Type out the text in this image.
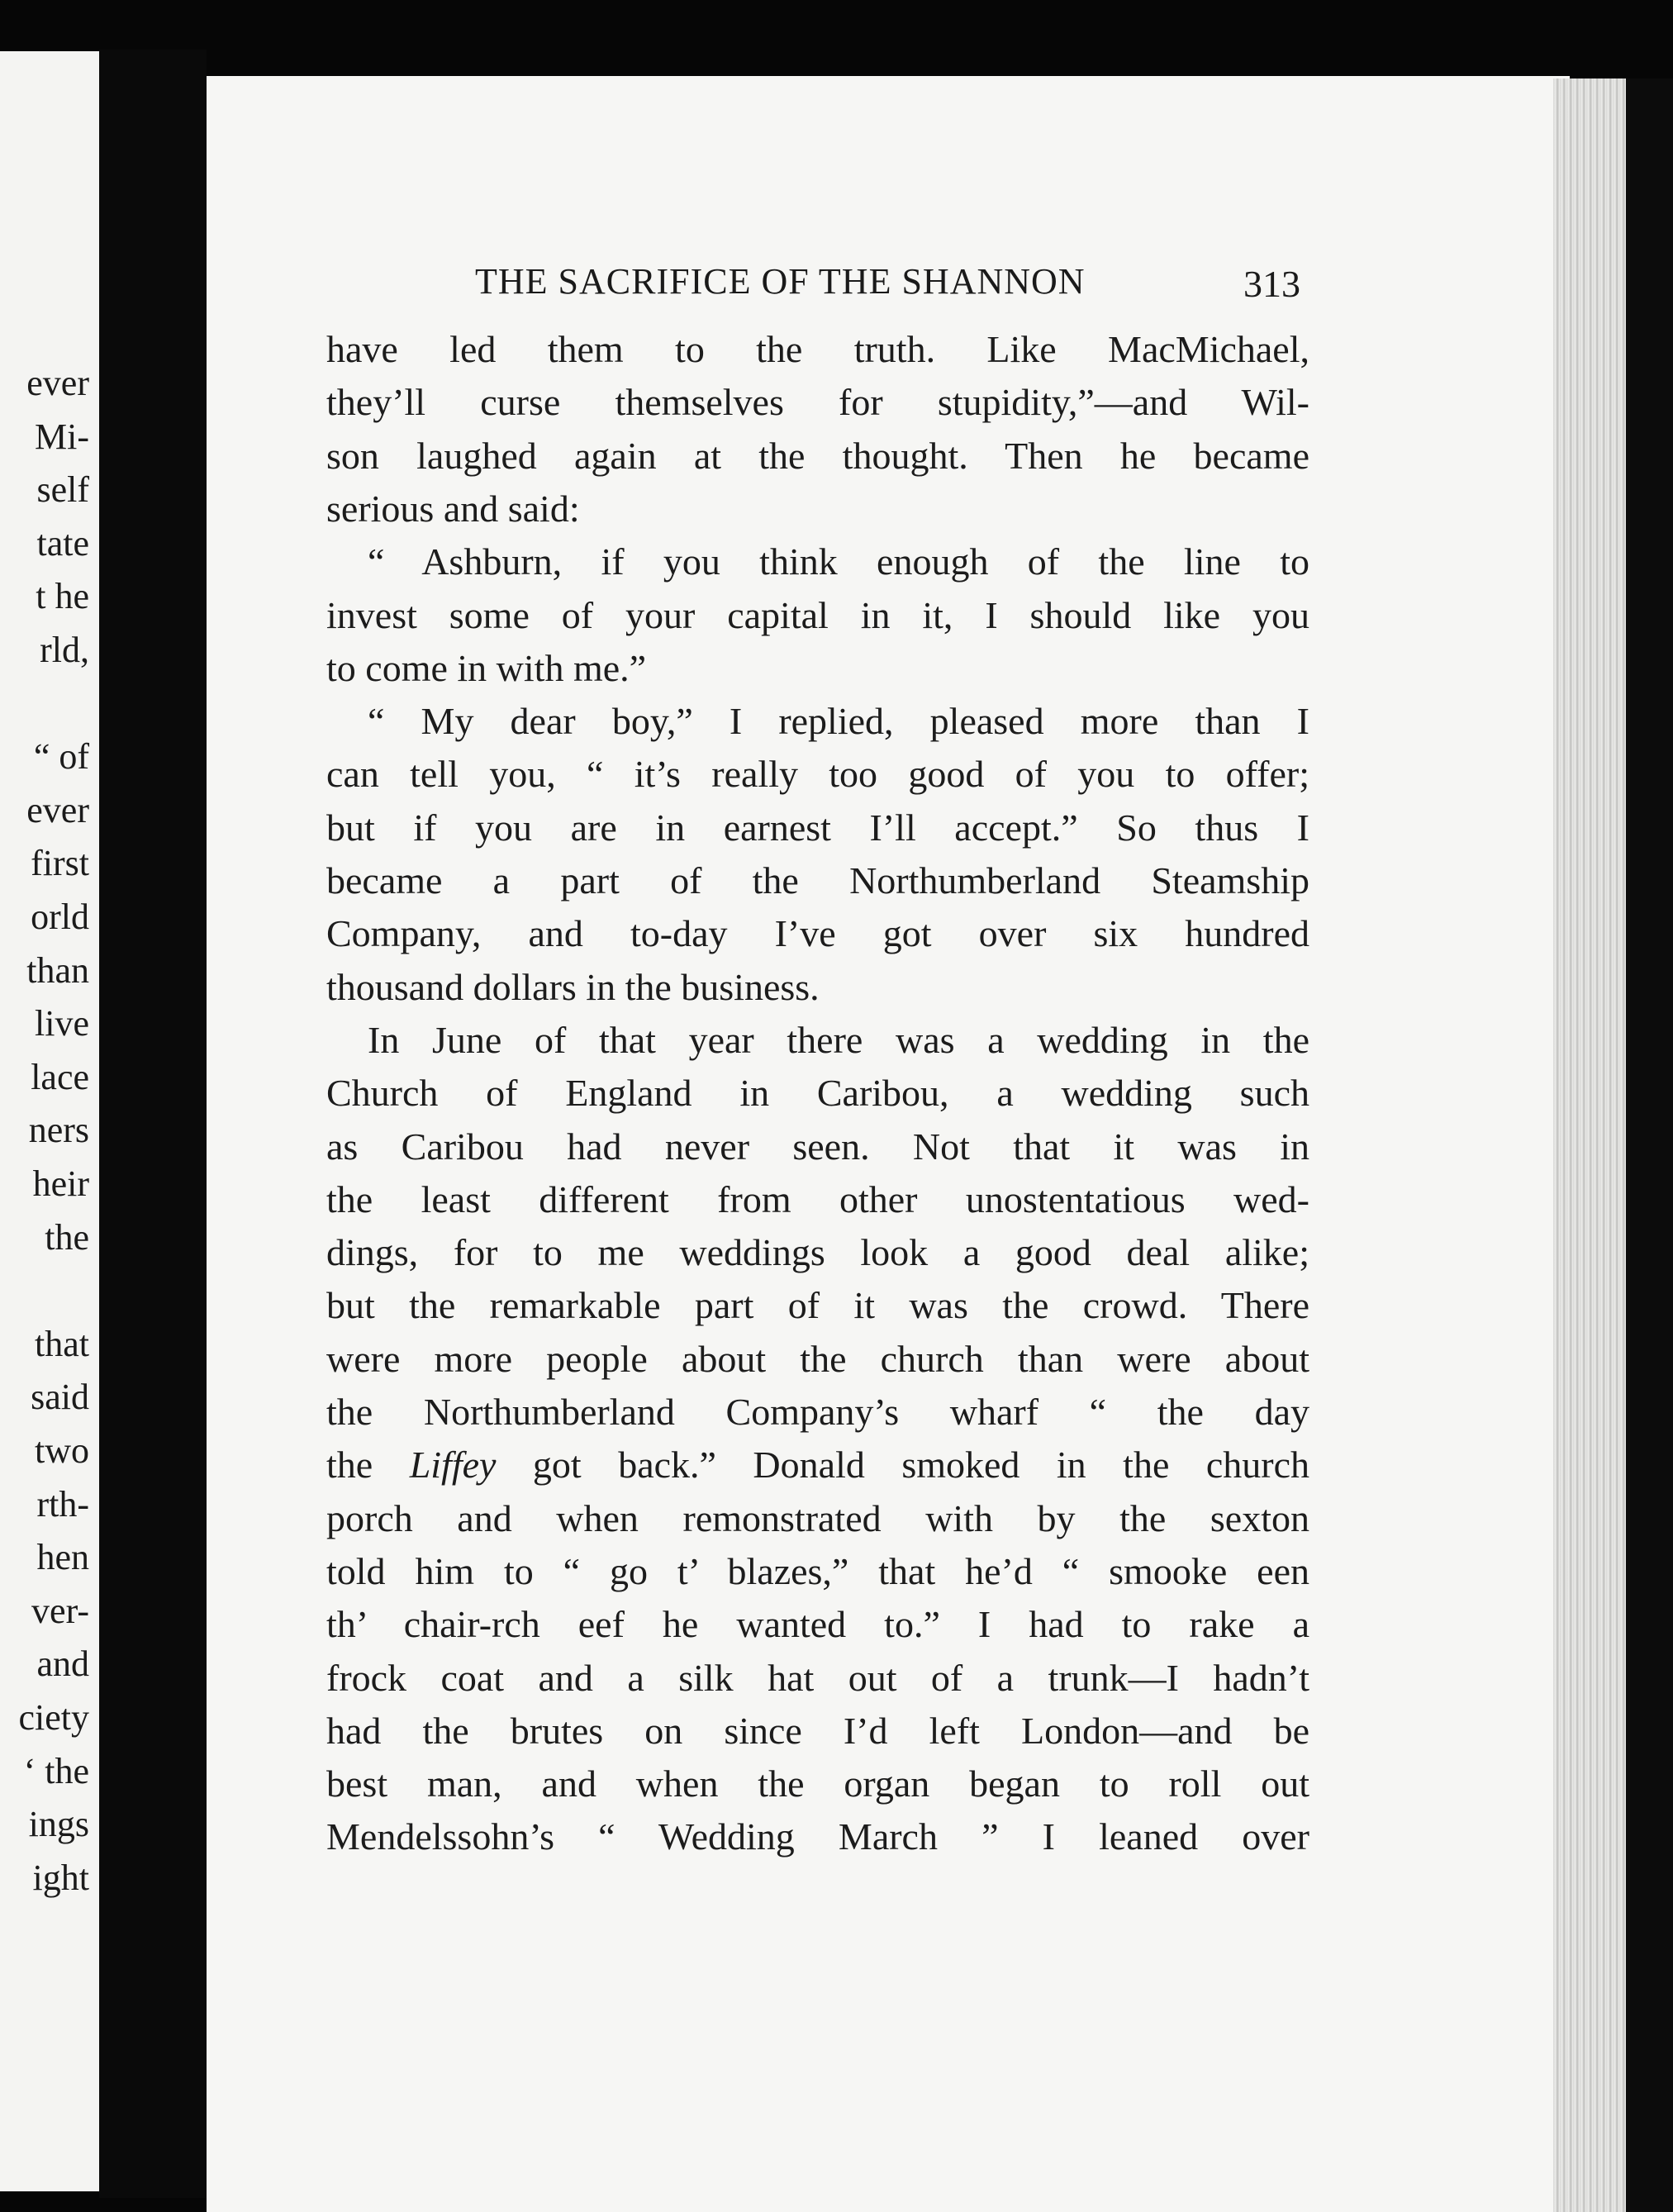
ever
Mi-
self
tate
t he
rld,
“ of
ever
first
orld
than
live
lace
ners
heir
the
that
said
two
rth-
hen
ver-
and
ciety
‘ the
ings
ight
THE SACRIFICE OF THE SHANNON	313
have led them to the truth. Like MacMichael,
they’ll curse themselves for stupidity,”—and Wil-
son laughed again at the thought. Then he became
serious and said:
“ Ashburn, if you think enough of the line to
invest some of your capital in it, I should like you
to come in with me.”
“ My dear boy,” I replied, pleased more than I
can tell you, “ it’s really too good of you to offer;
but if you are in earnest I’ll accept.” So thus I
became a part of the Northumberland Steamship
Company, and to-day I’ve got over six hundred
thousand dollars in the business.
In June of that year there was a wedding in the
Church of England in Caribou, a wedding such
as Caribou had never seen. Not that it was in
the least different from other unostentatious wed-
dings, for to me weddings look a good deal alike;
but the remarkable part of it was the crowd. There
were more people about the church than were about
the Northumberland Company’s wharf “ the day
the Liffey got back.” Donald smoked in the church
porch and when remonstrated with by the sexton
told him to “ go t’ blazes,” that he’d “ smooke een
th’ chair-rch eef he wanted to.” I had to rake a
frock coat and a silk hat out of a trunk—I hadn’t
had the brutes on since I’d left London—and be
best man, and when the organ began to roll out
Mendelssohn’s “ Wedding March ” I leaned over
